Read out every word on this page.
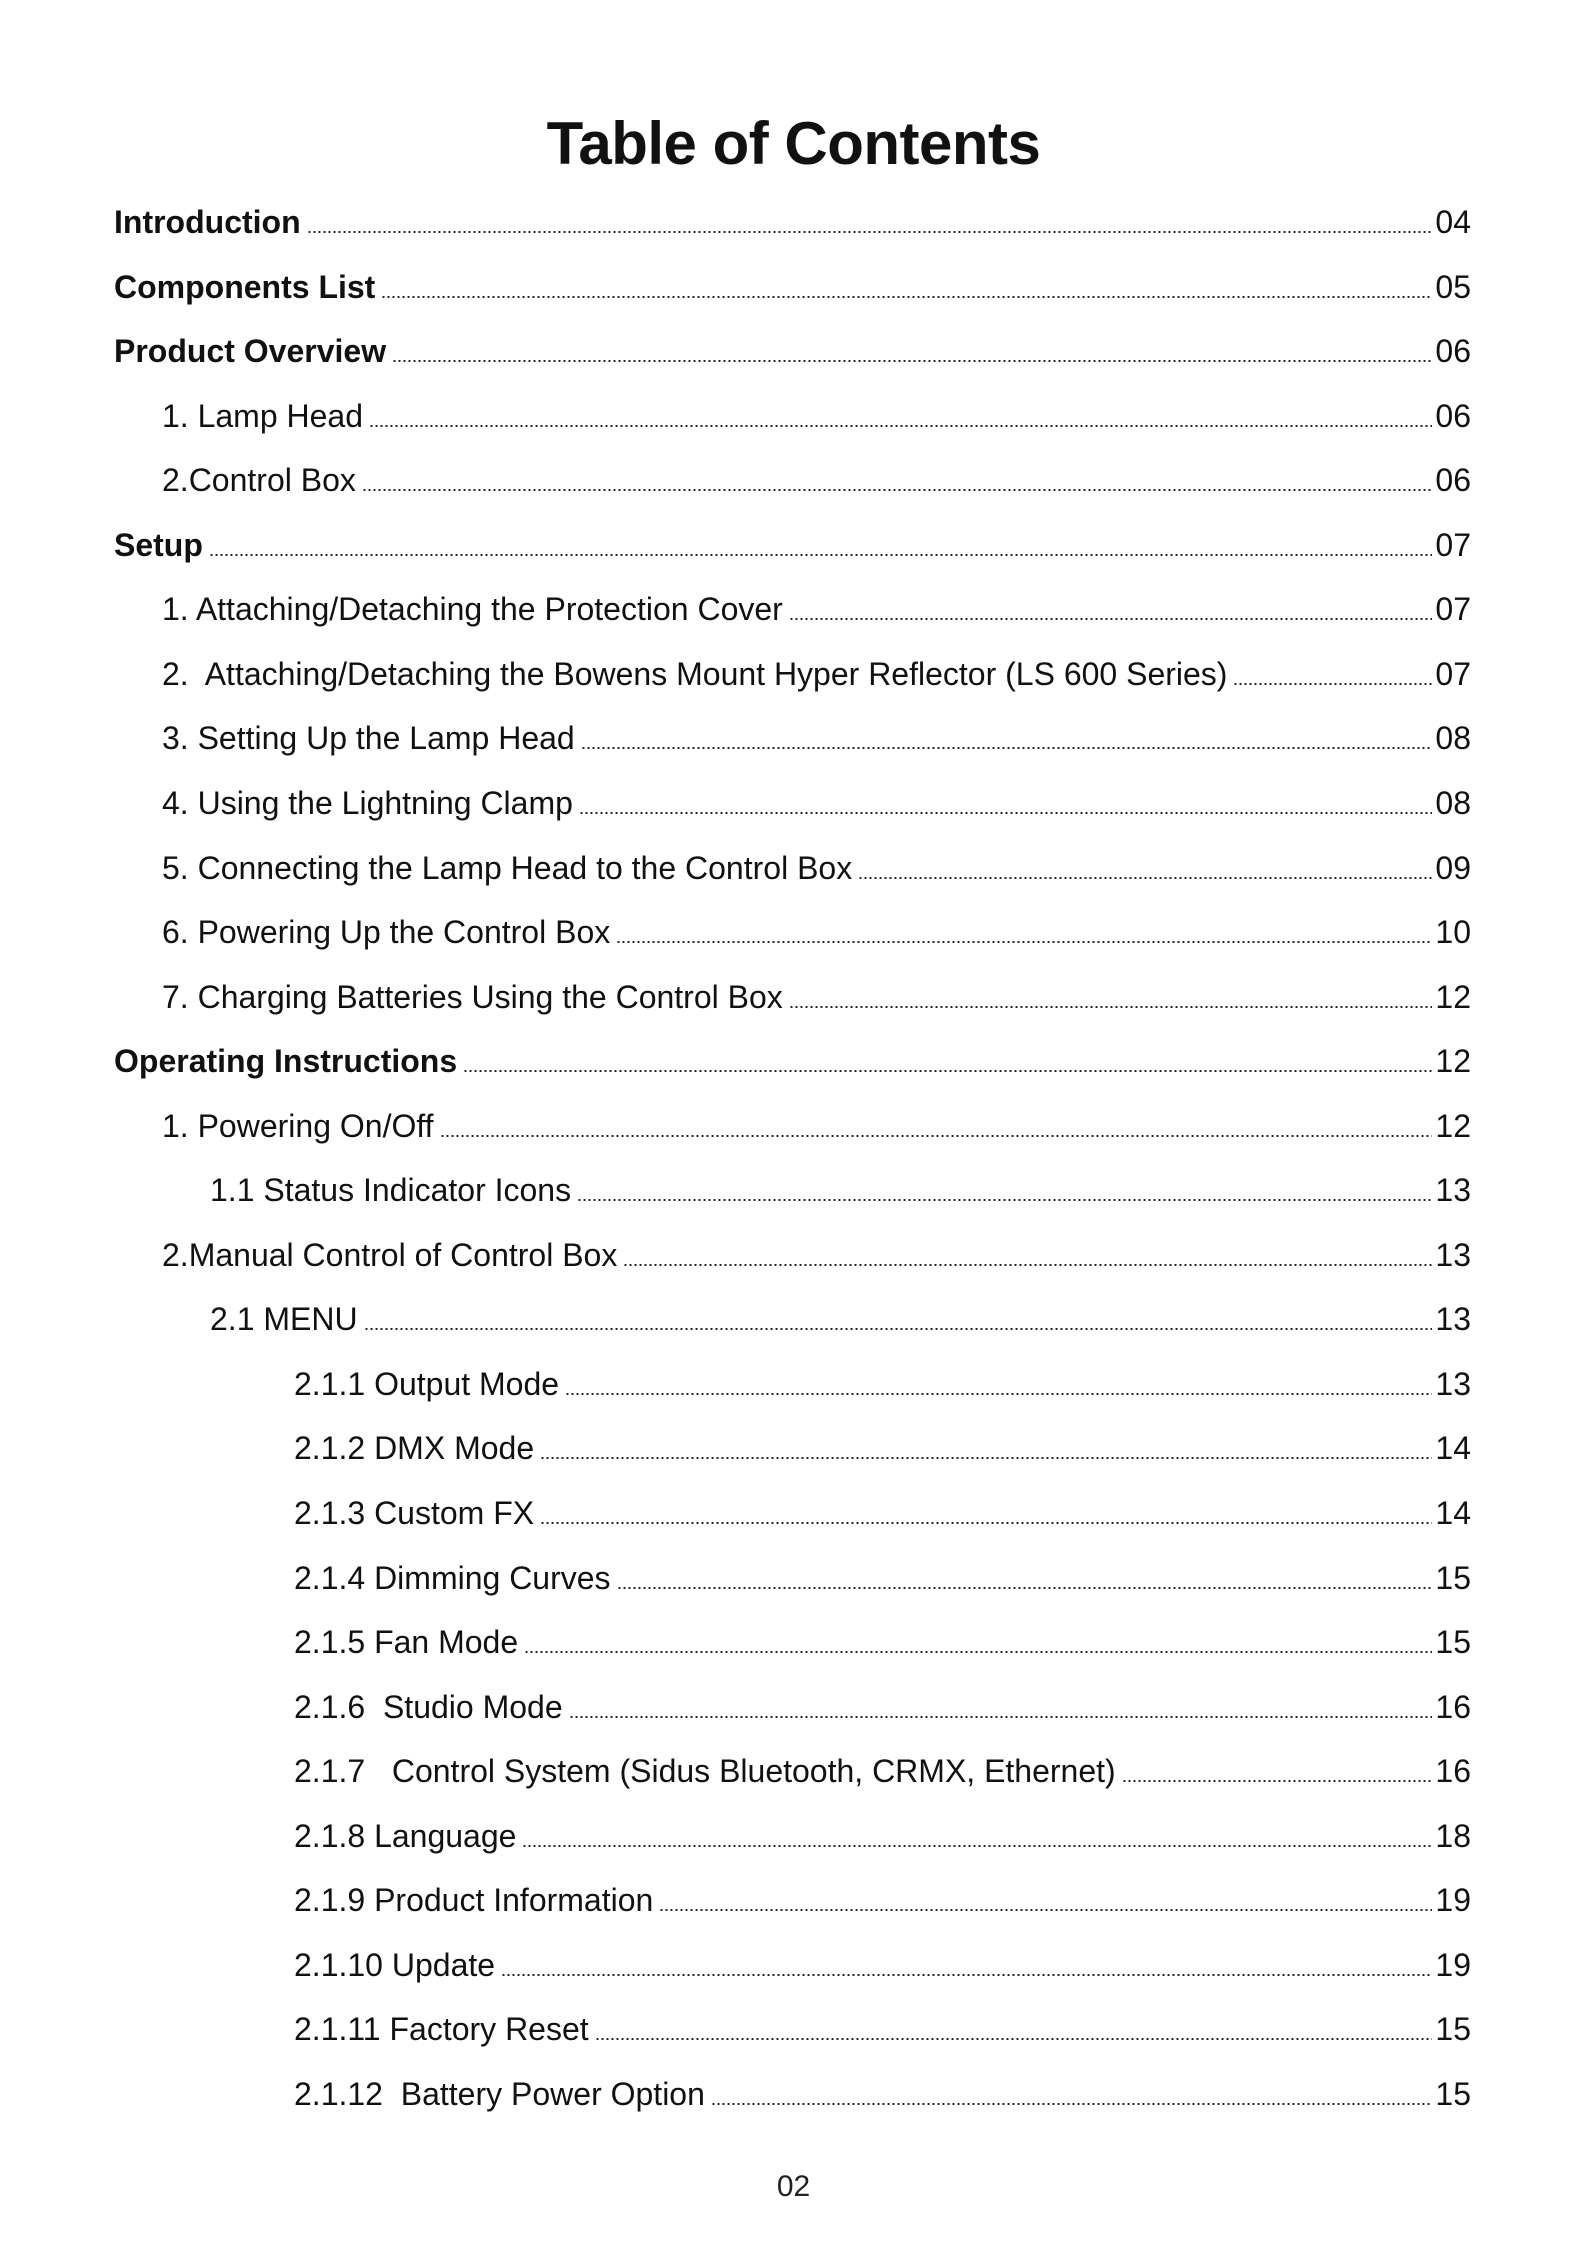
Table of Contents
Introduction	04
Components List	05
Product Overview	06
1. Lamp Head	06
2.Control Box	06
Setup	07
1. Attaching/Detaching the Protection Cover	07
2.  Attaching/Detaching the Bowens Mount Hyper Reflector (LS 600 Series)	07
3. Setting Up the Lamp Head	08
4. Using the Lightning Clamp	08
5. Connecting the Lamp Head to the Control Box	09
6. Powering Up the Control Box	10
7. Charging Batteries Using the Control Box	12
Operating Instructions	12
1. Powering On/Off	12
1.1 Status Indicator Icons	13
2.Manual Control of Control Box	13
2.1 MENU	13
2.1.1 Output Mode	13
2.1.2 DMX Mode	14
2.1.3 Custom FX	14
2.1.4 Dimming Curves	15
2.1.5 Fan Mode	15
2.1.6  Studio Mode	16
2.1.7   Control System (Sidus Bluetooth, CRMX, Ethernet)	16
2.1.8 Language	18
2.1.9 Product Information	19
2.1.10 Update	19
2.1.11 Factory Reset	15
2.1.12  Battery Power Option	15
02
